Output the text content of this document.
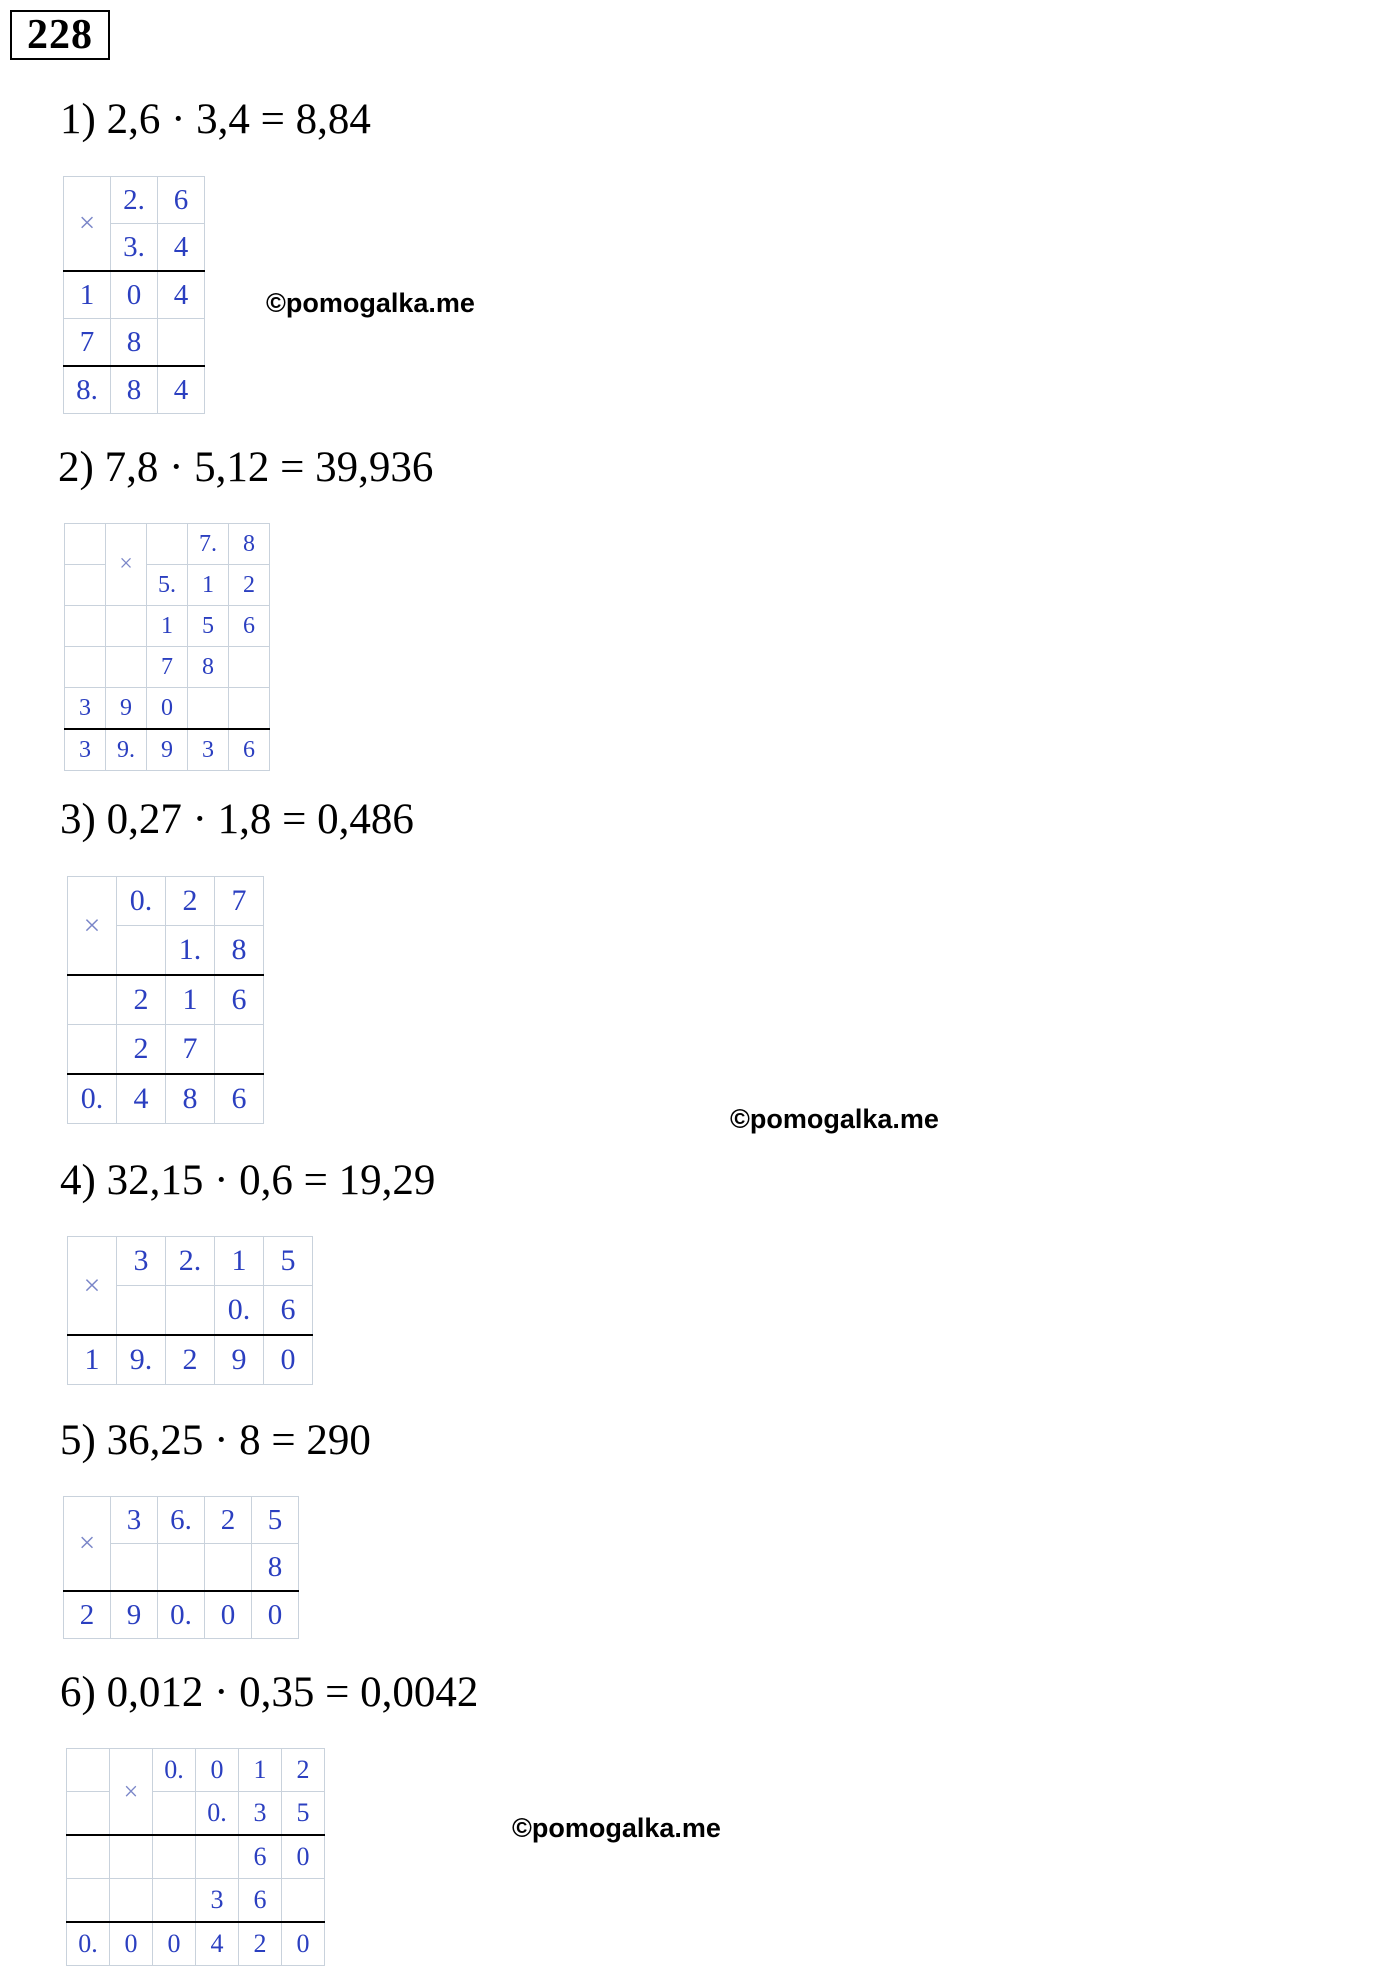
228
1) 2,6 · 3,4 = 8,84
×	2.	6
	3.	4
1	0	4
7	8	
8.	8	4
2) 7,8 · 5,12 = 39,936
	×		7.	8
		5.	1	2
		1	5	6
		7	8	
3	9	0		
3	9.	9	3	6
3) 0,27 · 1,8 = 0,486
×	0.	2	7
		1.	8
	2	1	6
	2	7	
0.	4	8	6
4) 32,15 · 0,6 = 19,29
×	3	2.	1	5
			0.	6
1	9.	2	9	0
5) 36,25 · 8 = 290
×	3	6.	2	5
				8
2	9	0.	0	0
6) 0,012 · 0,35 = 0,0042
	×	0.	0	1	2
			0.	3	5
				6	0
			3	6	
0.	0	0	4	2	0
©pomogalka.me
©pomogalka.me
©pomogalka.me
